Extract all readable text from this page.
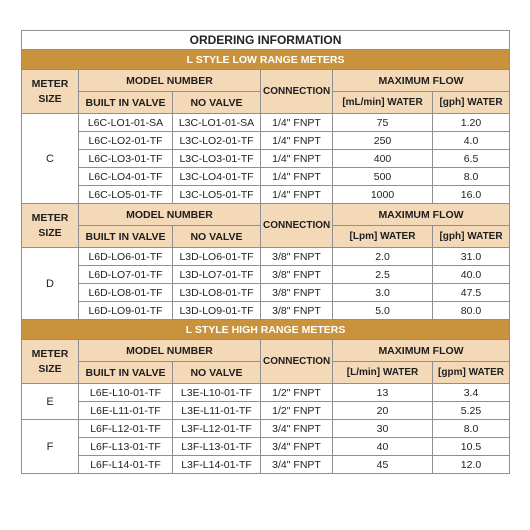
ORDERING INFORMATION					
L STYLE LOW RANGE METERS					

METER
SIZE	MODEL NUMBER		CONNECTION	MAXIMUM FLOW	
	BUILT IN VALVE	NO VALVE		[mL/min] WATER	[gph] WATER
C	L6C-LO1-01-SA	L3C-LO1-01-SA	1/4" FNPT	75	1.20
	L6C-LO2-01-TF	L3C-LO2-01-TF	1/4" FNPT	250	4.0
	L6C-LO3-01-TF	L3C-LO3-01-TF	1/4" FNPT	400	6.5
	L6C-LO4-01-TF	L3C-LO4-01-TF	1/4" FNPT	500	8.0
	L6C-LO5-01-TF	L3C-LO5-01-TF	1/4" FNPT	1000	16.0

METER
SIZE	MODEL NUMBER		CONNECTION	MAXIMUM FLOW	
	BUILT IN VALVE	NO VALVE		[Lpm] WATER	[gph] WATER
D	L6D-LO6-01-TF	L3D-LO6-01-TF	3/8" FNPT	2.0	31.0
	L6D-LO7-01-TF	L3D-LO7-01-TF	3/8" FNPT	2.5	40.0
	L6D-LO8-01-TF	L3D-LO8-01-TF	3/8" FNPT	3.0	47.5
	L6D-LO9-01-TF	L3D-LO9-01-TF	3/8" FNPT	5.0	80.0
L STYLE HIGH RANGE METERS					

METER
SIZE	MODEL NUMBER		CONNECTION	MAXIMUM FLOW	
	BUILT IN VALVE	NO VALVE		[L/min] WATER	[gpm] WATER
E	L6E-L10-01-TF	L3E-L10-01-TF	1/2" FNPT	13	3.4
	L6E-L11-01-TF	L3E-L11-01-TF	1/2" FNPT	20	5.25
F	L6F-L12-01-TF	L3F-L12-01-TF	3/4" FNPT	30	8.0
	L6F-L13-01-TF	L3F-L13-01-TF	3/4" FNPT	40	10.5
	L6F-L14-01-TF	L3F-L14-01-TF	3/4" FNPT	45	12.0
